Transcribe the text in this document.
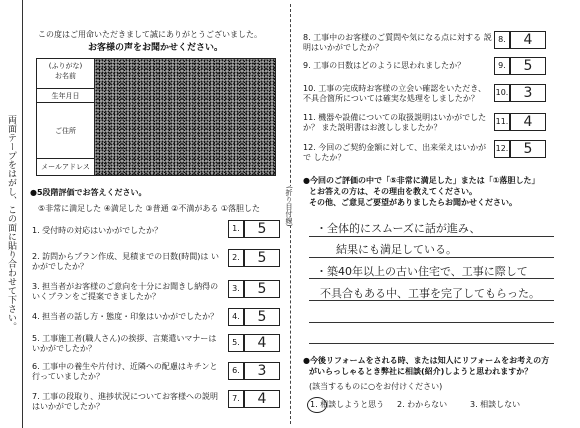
両面テープをはがし、この面に貼り合わせて下さい。
この度はご用命いただきまして誠にありがとうございました。
お客様の声をお聞かせください。
(ふりがな)
お名前
生年月日
ご住所
メールアドレス
●5段階評価でお答えください。
⑤非常に満足した ④満足した ③普通 ②不満がある ①落胆した
1. 受付時の対応はいかがでしたか？	1.	5
2. 訪問からプラン作成、見積までの日数(時間)は いかがでしたか？
2.	5
3. 担当者がお客様のご意向を十分にお聞きし納得の いくプランをご提案できましたか？
3.	5
4. 担当者の話し方・態度・印象はいかがでしたか？	4.	5
5. 工事施工者(職人さん)の挨拶、言葉遣いマナーは いかがでしたか？
5.	4
6. 工事中の養生や片付け、近隣への配慮はキチンと 行っていましたか？
6.	3
7. 工事の段取り、進捗状況についてお客様への説明 はいかがでしたか？
7.	4
(折り目付線)
8. 工事中のお客様のご質問や気になる点に対する 説明はいかがでしたか？
8.	4
9. 工事の日数はどのように思われましたか？	9.	5
10. 工事の完成時お客様の立会い確認をいただき、 不具合箇所については確実な処理をしましたか？
10.	3
11. 機器や設備についての取扱説明はいかがでしたか？ また説明書はお渡ししましたか？
11.	4
12. 今回のご契約金額に対して、出来栄えはいかがで したか？
12.	5
●今回のご評価の中で「⑤非常に満足した」または「①落胆した」
とお答えの方は、その理由を教えてください。
その他、ご意見ご要望がありましたらお聞かせください。
・全体的にスムーズに話が進み、
結果にも満足している。
・築40年以上の古い住宅で、工事に際して
不具合もある中、工事を完了してもらった。
●今後リフォームをされる時、または知人にリフォームをお考えの方
がいらっしゃるとき弊社に相談(紹介)しようと思われますか？
(該当するものに○をお付けください)
1. 相談しようと思う 2. わからない	3. 相談しない
